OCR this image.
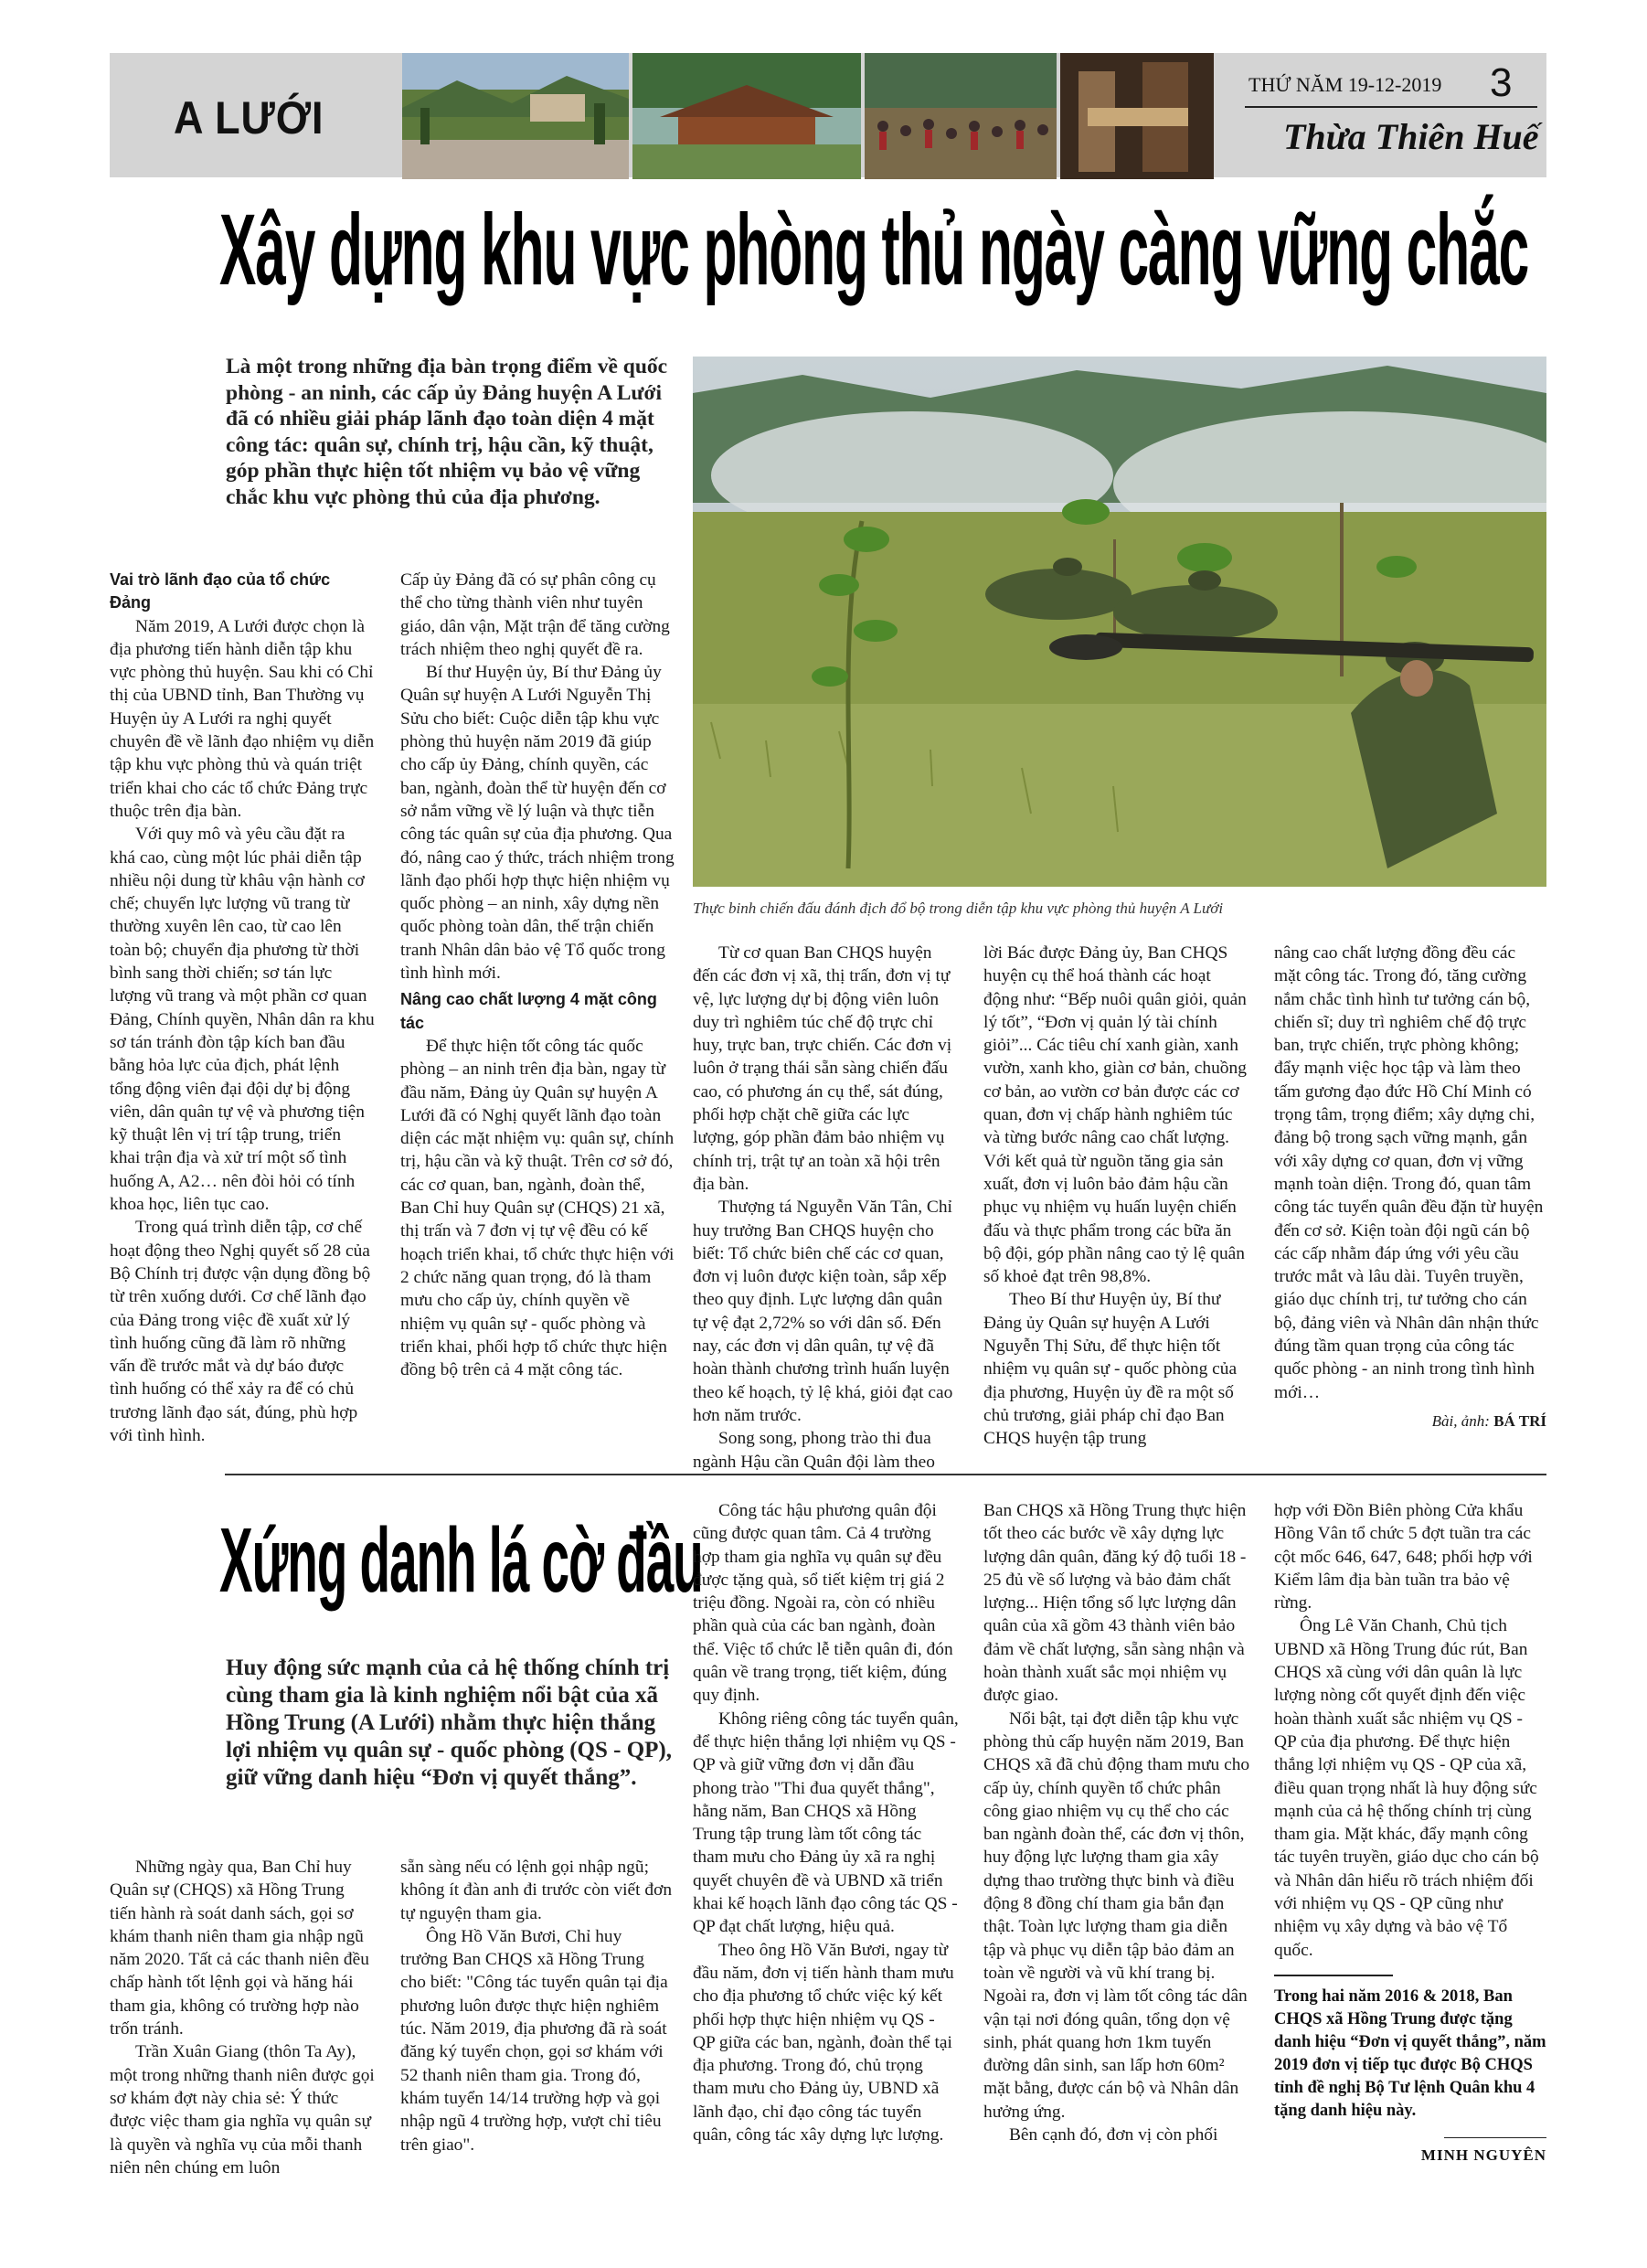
A LƯỚI
THỨ NĂM 19-12-2019 3
Thừa Thiên Huế
Xây dựng khu vực phòng thủ ngày càng vững chắc
Là một trong những địa bàn trọng điểm về quốc phòng - an ninh, các cấp ủy Đảng huyện A Lưới đã có nhiều giải pháp lãnh đạo toàn diện 4 mặt công tác: quân sự, chính trị, hậu cần, kỹ thuật, góp phần thực hiện tốt nhiệm vụ bảo vệ vững chắc khu vực phòng thủ của địa phương.
Thực binh chiến đấu đánh địch đổ bộ trong diễn tập khu vực phòng thủ huyện A Lưới

Vai trò lãnh đạo của tổ chức Đảng

Năm 2019, A Lưới được chọn là địa phương tiến hành diễn tập khu vực phòng thủ huyện. Sau khi có Chỉ thị của UBND tỉnh, Ban Thường vụ Huyện ủy A Lưới ra nghị quyết chuyên đề về lãnh đạo nhiệm vụ diễn tập khu vực phòng thủ và quán triệt triển khai cho các tổ chức Đảng trực thuộc trên địa bàn.

Với quy mô và yêu cầu đặt ra khá cao, cùng một lúc phải diễn tập nhiều nội dung từ khâu vận hành cơ chế; chuyển lực lượng vũ trang từ thường xuyên lên cao, từ cao lên toàn bộ; chuyển địa phương từ thời bình sang thời chiến; sơ tán lực lượng vũ trang và một phần cơ quan Đảng, Chính quyền, Nhân dân ra khu sơ tán tránh đòn tập kích ban đầu bằng hỏa lực của địch, phát lệnh tổng động viên đại đội dự bị động viên, dân quân tự vệ và phương tiện kỹ thuật lên vị trí tập trung, triển khai trận địa và xử trí một số tình huống A, A2… nên đòi hỏi có tính khoa học, liên tục cao.

Trong quá trình diễn tập, cơ chế hoạt động theo Nghị quyết số 28 của Bộ Chính trị được vận dụng đồng bộ từ trên xuống dưới. Cơ chế lãnh đạo của Đảng trong việc đề xuất xử lý tình huống cũng đã làm rõ những vấn đề trước mắt và dự báo được tình huống có thể xảy ra để có chủ trương lãnh đạo sát, đúng, phù hợp với tình hình.

Cấp ủy Đảng đã có sự phân công cụ thể cho từng thành viên như tuyên giáo, dân vận, Mặt trận để tăng cường trách nhiệm theo nghị quyết đề ra.

Bí thư Huyện ủy, Bí thư Đảng ủy Quân sự huyện A Lưới Nguyễn Thị Sửu cho biết: Cuộc diễn tập khu vực phòng thủ huyện năm 2019 đã giúp cho cấp ủy Đảng, chính quyền, các ban, ngành, đoàn thể từ huyện đến cơ sở nắm vững về lý luận và thực tiễn công tác quân sự của địa phương. Qua đó, nâng cao ý thức, trách nhiệm trong lãnh đạo phối hợp thực hiện nhiệm vụ quốc phòng – an ninh, xây dựng nền quốc phòng toàn dân, thế trận chiến tranh Nhân dân bảo vệ Tổ quốc trong tình hình mới.

Nâng cao chất lượng 4 mặt công tác

Để thực hiện tốt công tác quốc phòng – an ninh trên địa bàn, ngay từ đầu năm, Đảng ủy Quân sự huyện A Lưới đã có Nghị quyết lãnh đạo toàn diện các mặt nhiệm vụ: quân sự, chính trị, hậu cần và kỹ thuật. Trên cơ sở đó, các cơ quan, ban, ngành, đoàn thể, Ban Chỉ huy Quân sự (CHQS) 21 xã, thị trấn và 7 đơn vị tự vệ đều có kế hoạch triển khai, tổ chức thực hiện với 2 chức năng quan trọng, đó là tham mưu cho cấp ủy, chính quyền về nhiệm vụ quân sự - quốc phòng và triển khai, phối hợp tổ chức thực hiện đồng bộ trên cả 4 mặt công tác.

Từ cơ quan Ban CHQS huyện đến các đơn vị xã, thị trấn, đơn vị tự vệ, lực lượng dự bị động viên luôn duy trì nghiêm túc chế độ trực chỉ huy, trực ban, trực chiến. Các đơn vị luôn ở trạng thái sẵn sàng chiến đấu cao, có phương án cụ thể, sát đúng, phối hợp chặt chẽ giữa các lực lượng, góp phần đảm bảo nhiệm vụ chính trị, trật tự an toàn xã hội trên địa bàn.

Thượng tá Nguyễn Văn Tân, Chỉ huy trưởng Ban CHQS huyện cho biết: Tổ chức biên chế các cơ quan, đơn vị luôn được kiện toàn, sắp xếp theo quy định. Lực lượng dân quân tự vệ đạt 2,72% so với dân số. Đến nay, các đơn vị dân quân, tự vệ đã hoàn thành chương trình huấn luyện theo kế hoạch, tỷ lệ khá, giỏi đạt cao hơn năm trước.

Song song, phong trào thi đua ngành Hậu cần Quân đội làm theo

lời Bác được Đảng ủy, Ban CHQS huyện cụ thể hoá thành các hoạt động như: “Bếp nuôi quân giỏi, quản lý tốt”, “Đơn vị quản lý tài chính giỏi”... Các tiêu chí xanh giàn, xanh vườn, xanh kho, giàn cơ bản, chuồng cơ bản, ao vườn cơ bản được các cơ quan, đơn vị chấp hành nghiêm túc và từng bước nâng cao chất lượng. Với kết quả từ nguồn tăng gia sản xuất, đơn vị luôn bảo đảm hậu cần phục vụ nhiệm vụ huấn luyện chiến đấu và thực phẩm trong các bữa ăn bộ đội, góp phần nâng cao tỷ lệ quân số khoẻ đạt trên 98,8%.

Theo Bí thư Huyện ủy, Bí thư Đảng ủy Quân sự huyện A Lưới Nguyễn Thị Sửu, để thực hiện tốt nhiệm vụ quân sự - quốc phòng của địa phương, Huyện ủy đề ra một số chủ trương, giải pháp chỉ đạo Ban CHQS huyện tập trung

nâng cao chất lượng đồng đều các mặt công tác. Trong đó, tăng cường nắm chắc tình hình tư tưởng cán bộ, chiến sĩ; duy trì nghiêm chế độ trực ban, trực chiến, trực phòng không; đẩy mạnh việc học tập và làm theo tấm gương đạo đức Hồ Chí Minh có trọng tâm, trọng điểm; xây dựng chi, đảng bộ trong sạch vững mạnh, gắn với xây dựng cơ quan, đơn vị vững mạnh toàn diện. Trong đó, quan tâm công tác tuyển quân đều đặn từ huyện đến cơ sở. Kiện toàn đội ngũ cán bộ các cấp nhằm đáp ứng với yêu cầu trước mắt và lâu dài. Tuyên truyền, giáo dục chính trị, tư tưởng cho cán bộ, đảng viên và Nhân dân nhận thức đúng tầm quan trọng của công tác quốc phòng - an ninh trong tình hình mới…

Bài, ảnh: BÁ TRÍ
Xứng danh lá cờ đầu
Huy động sức mạnh của cả hệ thống chính trị cùng tham gia là kinh nghiệm nổi bật của xã Hồng Trung (A Lưới) nhằm thực hiện thắng lợi nhiệm vụ quân sự - quốc phòng (QS - QP), giữ vững danh hiệu “Đơn vị quyết thắng”.

Những ngày qua, Ban Chỉ huy Quân sự (CHQS) xã Hồng Trung tiến hành rà soát danh sách, gọi sơ khám thanh niên tham gia nhập ngũ năm 2020. Tất cả các thanh niên đều chấp hành tốt lệnh gọi và hăng hái tham gia, không có trường hợp nào trốn tránh.

Trần Xuân Giang (thôn Ta Ay), một trong những thanh niên được gọi sơ khám đợt này chia sẻ: Ý thức được việc tham gia nghĩa vụ quân sự là quyền và nghĩa vụ của mỗi thanh niên nên chúng em luôn

sẵn sàng nếu có lệnh gọi nhập ngũ; không ít đàn anh đi trước còn viết đơn tự nguyện tham gia.

Ông Hồ Văn Bươi, Chỉ huy trưởng Ban CHQS xã Hồng Trung cho biết: "Công tác tuyển quân tại địa phương luôn được thực hiện nghiêm túc. Năm 2019, địa phương đã rà soát đăng ký tuyển chọn, gọi sơ khám với 52 thanh niên tham gia. Trong đó, khám tuyển 14/14 trường hợp và gọi nhập ngũ 4 trường hợp, vượt chỉ tiêu trên giao".

Công tác hậu phương quân đội cũng được quan tâm. Cả 4 trường hợp tham gia nghĩa vụ quân sự đều được tặng quà, sổ tiết kiệm trị giá 2 triệu đồng. Ngoài ra, còn có nhiều phần quà của các ban ngành, đoàn thể. Việc tổ chức lễ tiễn quân đi, đón quân về trang trọng, tiết kiệm, đúng quy định.

Không riêng công tác tuyển quân, để thực hiện thắng lợi nhiệm vụ QS - QP và giữ vững đơn vị dẫn đầu phong trào "Thi đua quyết thắng", hằng năm, Ban CHQS xã Hồng Trung tập trung làm tốt công tác tham mưu cho Đảng ủy xã ra nghị quyết chuyên đề và UBND xã triển khai kế hoạch lãnh đạo công tác QS - QP đạt chất lượng, hiệu quả.

Theo ông Hồ Văn Bươi, ngay từ đầu năm, đơn vị tiến hành tham mưu cho địa phương tổ chức việc ký kết phối hợp thực hiện nhiệm vụ QS - QP giữa các ban, ngành, đoàn thể tại địa phương. Trong đó, chủ trọng tham mưu cho Đảng ủy, UBND xã lãnh đạo, chỉ đạo công tác tuyển quân, công tác xây dựng lực lượng.

Ban CHQS xã Hồng Trung thực hiện tốt theo các bước về xây dựng lực lượng dân quân, đăng ký độ tuổi 18 - 25 đủ về số lượng và bảo đảm chất lượng... Hiện tổng số lực lượng dân quân của xã gồm 43 thành viên bảo đảm về chất lượng, sẵn sàng nhận và hoàn thành xuất sắc mọi nhiệm vụ được giao.

Nổi bật, tại đợt diễn tập khu vực phòng thủ cấp huyện năm 2019, Ban CHQS xã đã chủ động tham mưu cho cấp ủy, chính quyền tổ chức phân công giao nhiệm vụ cụ thể cho các ban ngành đoàn thể, các đơn vị thôn, huy động lực lượng tham gia xây dựng thao trường thực binh và điều động 8 đồng chí tham gia bắn đạn thật. Toàn lực lượng tham gia diễn tập và phục vụ diễn tập bảo đảm an toàn về người và vũ khí trang bị. Ngoài ra, đơn vị làm tốt công tác dân vận tại nơi đóng quân, tổng dọn vệ sinh, phát quang hơn 1km tuyến đường dân sinh, san lấp hơn 60m² mặt bằng, được cán bộ và Nhân dân hưởng ứng.

Bên cạnh đó, đơn vị còn phối

hợp với Đồn Biên phòng Cửa khẩu Hồng Vân tổ chức 5 đợt tuần tra các cột mốc 646, 647, 648; phối hợp với Kiểm lâm địa bàn tuần tra bảo vệ rừng.

Ông Lê Văn Chanh, Chủ tịch UBND xã Hồng Trung đúc rút, Ban CHQS xã cùng với dân quân là lực lượng nòng cốt quyết định đến việc hoàn thành xuất sắc nhiệm vụ QS - QP của địa phương. Để thực hiện thắng lợi nhiệm vụ QS - QP của xã, điều quan trọng nhất là huy động sức mạnh của cả hệ thống chính trị cùng tham gia. Mặt khác, đẩy mạnh công tác tuyên truyền, giáo dục cho cán bộ và Nhân dân hiểu rõ trách nhiệm đối với nhiệm vụ QS - QP cũng như nhiệm vụ xây dựng và bảo vệ Tổ quốc.

Trong hai năm 2016 & 2018, Ban CHQS xã Hồng Trung được tặng danh hiệu “Đơn vị quyết thắng”, năm 2019 đơn vị tiếp tục được Bộ CHQS tỉnh đề nghị Bộ Tư lệnh Quân khu 4 tặng danh hiệu này.
MINH NGUYÊN
